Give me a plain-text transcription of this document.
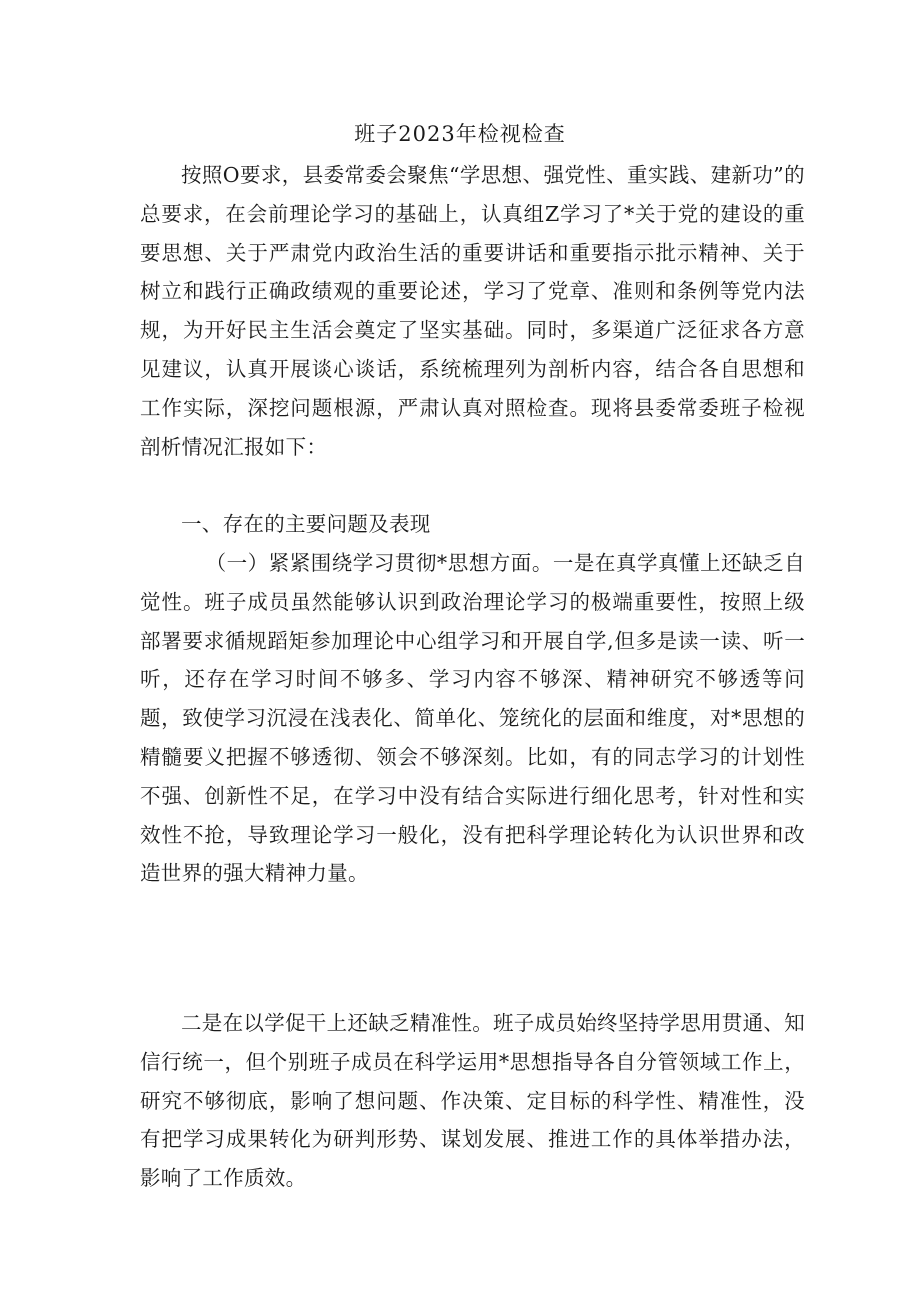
班子2023年检视检查

按照O要求，县委常委会聚焦“学思想、强党性、重实践、建新功”的总要求，在会前理论学习的基础上，认真组Z学习了*关于党的建设的重要思想、关于严肃党内政治生活的重要讲话和重要指示批示精神、关于树立和践行正确政绩观的重要论述，学习了党章、准则和条例等党内法规，为开好民主生活会奠定了坚实基础。同时，多渠道广泛征求各方意见建议，认真开展谈心谈话，系统梳理列为剖析内容，结合各自思想和工作实际，深挖问题根源，严肃认真对照检查。现将县委常委班子检视剖析情况汇报如下：

一、存在的主要问题及表现

（一）紧紧围绕学习贯彻*思想方面。一是在真学真懂上还缺乏自觉性。班子成员虽然能够认识到政治理论学习的极端重要性，按照上级部署要求循规蹈矩参加理论中心组学习和开展自学,但多是读一读、听一听，还存在学习时间不够多、学习内容不够深、精神研究不够透等问题，致使学习沉浸在浅表化、简单化、笼统化的层面和维度，对*思想的精髓要义把握不够透彻、领会不够深刻。比如，有的同志学习的计划性不强、创新性不足，在学习中没有结合实际进行细化思考，针对性和实效性不抢，导致理论学习一般化，没有把科学理论转化为认识世界和改造世界的强大精神力量。

二是在以学促干上还缺乏精准性。班子成员始终坚持学思用贯通、知信行统一，但个别班子成员在科学运用*思想指导各自分管领域工作上，研究不够彻底，影响了想问题、作决策、定目标的科学性、精准性，没有把学习成果转化为研判形势、谋划发展、推进工作的具体举措办法，影响了工作质效。
